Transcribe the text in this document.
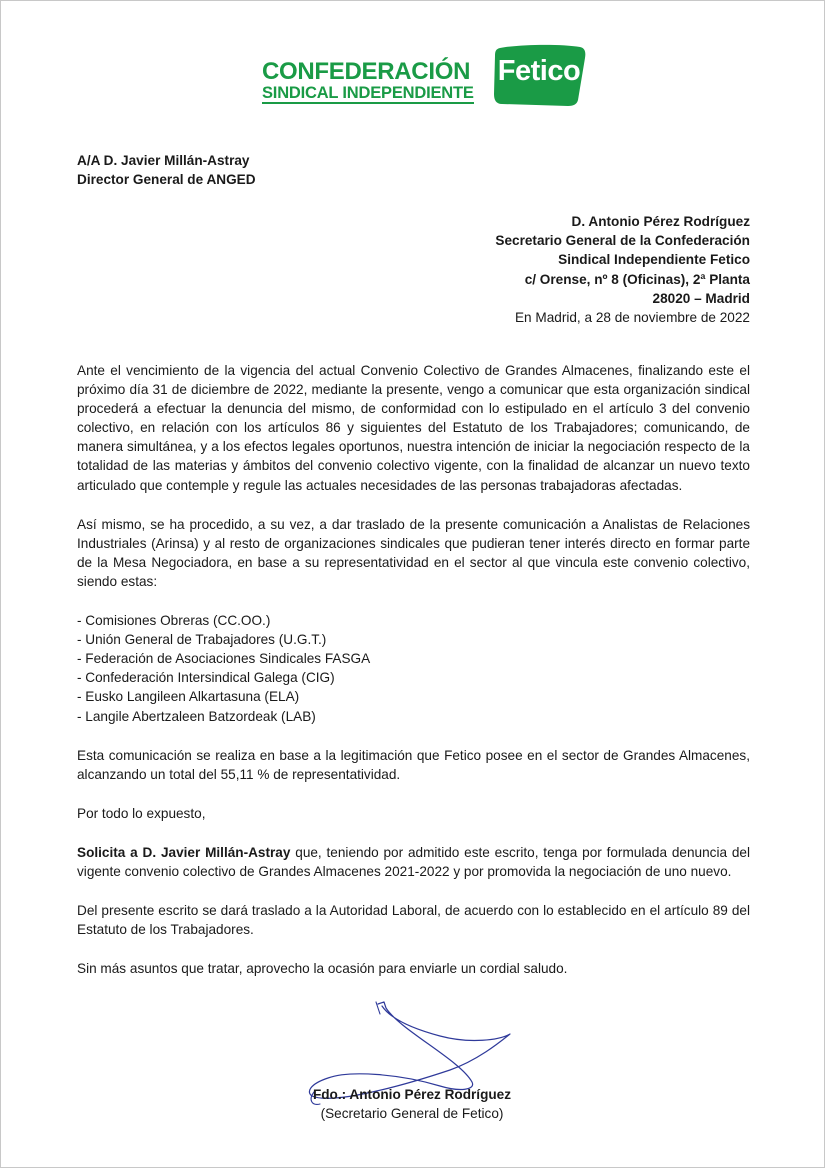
CONFEDERACIÓN
SINDICAL INDEPENDIENTE
Fetico
A/A D. Javier Millán-Astray
Director General de ANGED
D. Antonio Pérez Rodríguez
Secretario General de la Confederación
Sindical Independiente Fetico
c/ Orense, nº 8 (Oficinas), 2ª Planta
28020 – Madrid
En Madrid, a 28 de noviembre de 2022

Ante el vencimiento de la vigencia del actual Convenio Colectivo de Grandes Almacenes, finalizando este el próximo día 31 de diciembre de 2022, mediante la presente, vengo a comunicar que esta organización sindical procederá a efectuar la denuncia del mismo, de conformidad con lo estipulado en el artículo 3 del convenio colectivo, en relación con los artículos 86 y siguientes del Estatuto de los Trabajadores; comunicando, de manera simultánea, y a los efectos legales oportunos, nuestra intención de iniciar la negociación respecto de la totalidad de las materias y ámbitos del convenio colectivo vigente, con la finalidad de alcanzar un nuevo texto articulado que contemple y regule las actuales necesidades de las personas trabajadoras afectadas.

Así mismo, se ha procedido, a su vez, a dar traslado de la presente comunicación a Analistas de Relaciones Industriales (Arinsa) y al resto de organizaciones sindicales que pudieran tener interés directo en formar parte de la Mesa Negociadora, en base a su representatividad en el sector al que vincula este convenio colectivo, siendo estas:

- Comisiones Obreras (CC.OO.)
- Unión General de Trabajadores (U.G.T.)
- Federación de Asociaciones Sindicales FASGA
- Confederación Intersindical Galega (CIG)
- Eusko Langileen Alkartasuna (ELA)
- Langile Abertzaleen Batzordeak (LAB)

Esta comunicación se realiza en base a la legitimación que Fetico posee en el sector de Grandes Almacenes, alcanzando un total del 55,11 % de representatividad.

Por todo lo expuesto,

Solicita a D. Javier Millán-Astray que, teniendo por admitido este escrito, tenga por formulada denuncia del vigente convenio colectivo de Grandes Almacenes 2021-2022 y por promovida la negociación de uno nuevo.

Del presente escrito se dará traslado a la Autoridad Laboral, de acuerdo con lo establecido en el artículo 89 del Estatuto de los Trabajadores.

Sin más asuntos que tratar, aprovecho la ocasión para enviarle un cordial saludo.

Fdo.: Antonio Pérez Rodríguez
(Secretario General de Fetico)
